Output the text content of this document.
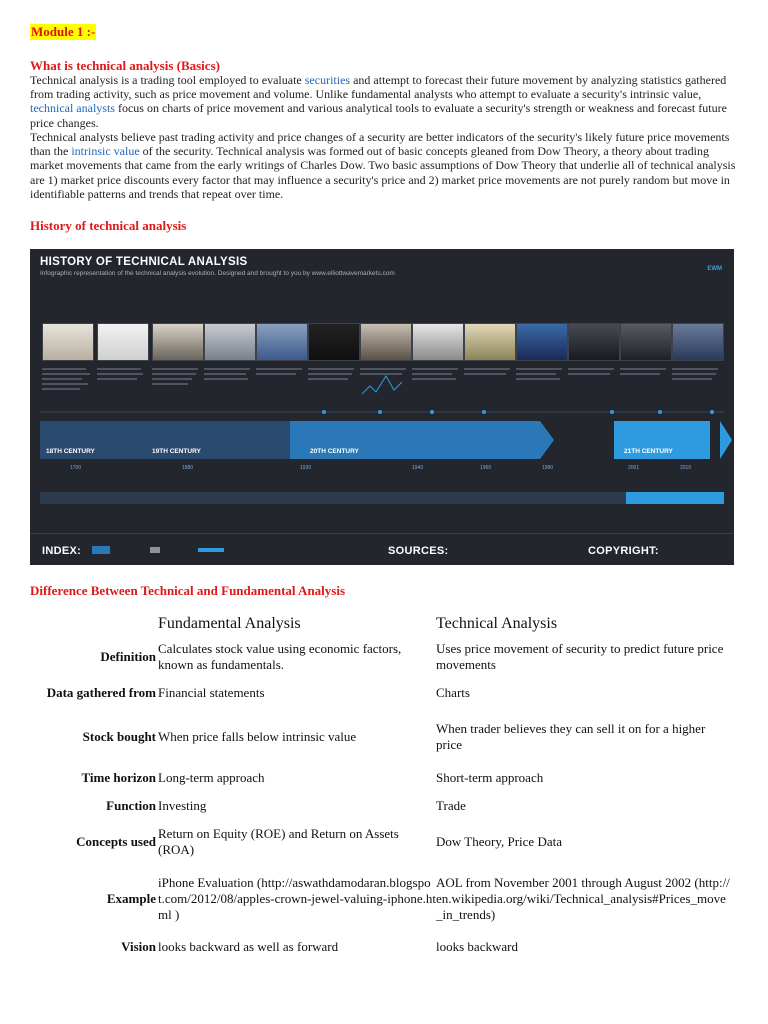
Module 1 :-
What is technical analysis (Basics)
Technical analysis is a trading tool employed to evaluate securities and attempt to forecast their future movement by analyzing statistics gathered from trading activity, such as price movement and volume. Unlike fundamental analysts who attempt to evaluate a security's intrinsic value, technical analysts focus on charts of price movement and various analytical tools to evaluate a security's strength or weakness and forecast future price changes.
Technical analysts believe past trading activity and price changes of a security are better indicators of the security's likely future price movements than the intrinsic value of the security. Technical analysis was formed out of basic concepts gleaned from Dow Theory, a theory about trading market movements that came from the early writings of Charles Dow. Two basic assumptions of Dow Theory that underlie all of technical analysis are 1) market price discounts every factor that may influence a security's price and 2) market price movements are not purely random but move in identifiable patterns and trends that repeat over time.
History of technical analysis
HISTORY OF TECHNICAL ANALYSIS
Infographic representation of the technical analysis evolution. Designed and brought to you by www.elliottwavemarkets.com
EWM
18TH CENTURY	19TH CENTURY	20TH CENTURY	21TH CENTURY
1700	1880	1930	1940	1960	1990	2001	2010
INDEX:	SOURCES:	COPYRIGHT:
Difference Between Technical and Fundamental Analysis
	Fundamental Analysis	Technical Analysis
Definition	Calculates stock value using economic factors, known as fundamentals.	Uses price movement of security to predict future price movements
Data gathered from	Financial statements	Charts
Stock bought	When price falls below intrinsic value	When trader believes they can sell it on for a higher price
Time horizon	Long-term approach	Short-term approach
Function	Investing	Trade
Concepts used	Return on Equity (ROE) and Return on Assets (ROA)	Dow Theory, Price Data
Example	iPhone Evaluation (http://aswathdamodaran.blogspot.com/2012/08/apples-crown-jewel-valuing-iphone.html )	AOL from November 2001 through August 2002 (http://en.wikipedia.org/wiki/Technical_analysis#Prices_move_in_trends)
Vision	looks backward as well as forward	looks backward
